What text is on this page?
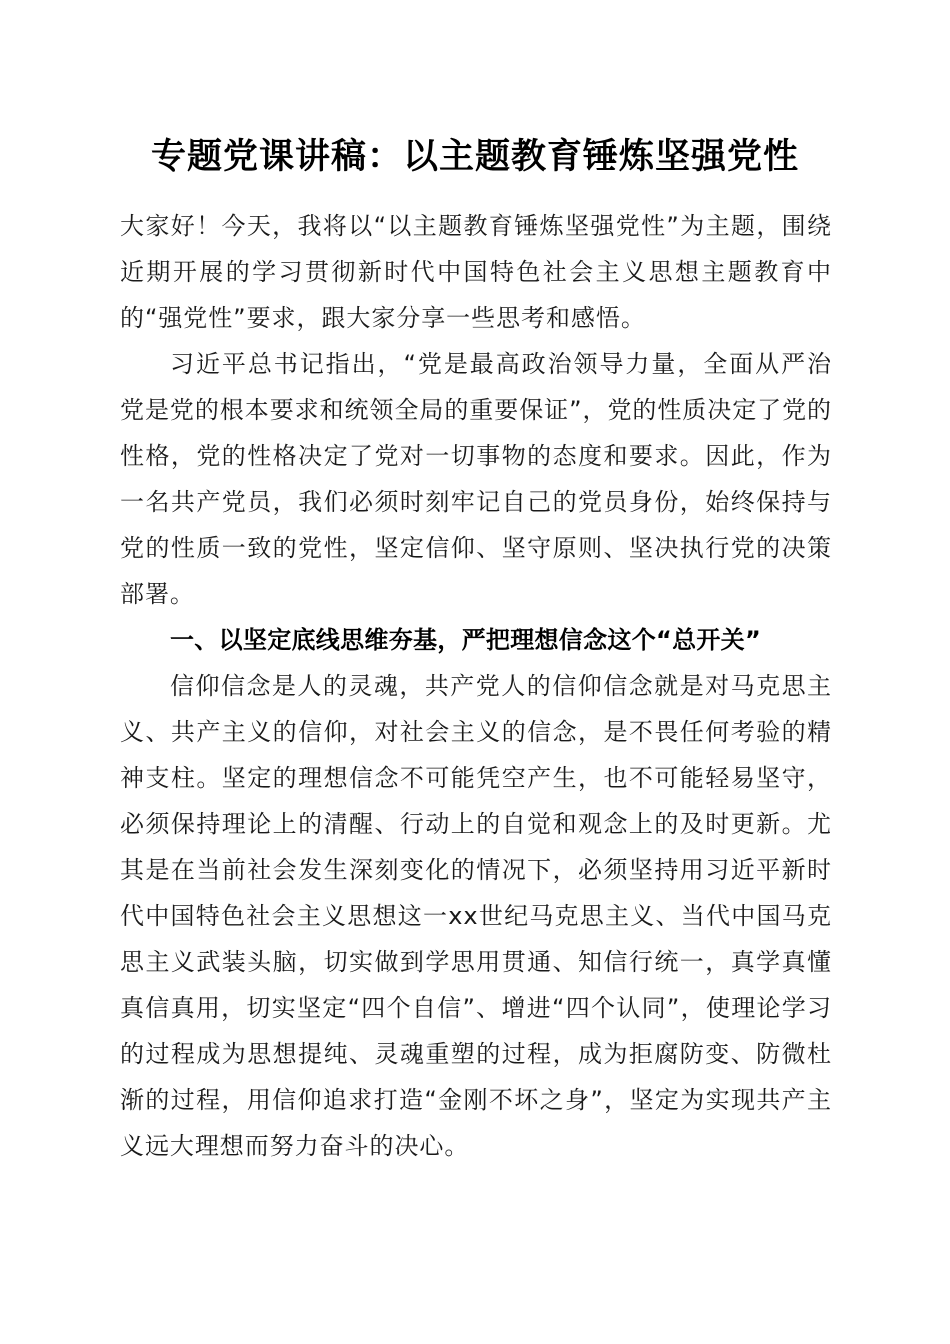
专题党课讲稿：以主题教育锤炼坚强党性

大家好！今天，我将以“以主题教育锤炼坚强党性”为主题，围绕近期开展的学习贯彻新时代中国特色社会主义思想主题教育中的“强党性”要求，跟大家分享一些思考和感悟。

习近平总书记指出，“党是最高政治领导力量，全面从严治党是党的根本要求和统领全局的重要保证”，党的性质决定了党的性格，党的性格决定了党对一切事物的态度和要求。因此，作为一名共产党员，我们必须时刻牢记自己的党员身份，始终保持与党的性质一致的党性，坚定信仰、坚守原则、坚决执行党的决策部署。

一、以坚定底线思维夯基，严把理想信念这个“总开关”

信仰信念是人的灵魂，共产党人的信仰信念就是对马克思主义、共产主义的信仰，对社会主义的信念，是不畏任何考验的精神支柱。坚定的理想信念不可能凭空产生，也不可能轻易坚守，必须保持理论上的清醒、行动上的自觉和观念上的及时更新。尤其是在当前社会发生深刻变化的情况下，必须坚持用习近平新时代中国特色社会主义思想这一xx世纪马克思主义、当代中国马克思主义武装头脑，切实做到学思用贯通、知信行统一，真学真懂真信真用，切实坚定“四个自信”、增进“四个认同”，使理论学习的过程成为思想提纯、灵魂重塑的过程，成为拒腐防变、防微杜渐的过程，用信仰追求打造“金刚不坏之身”，坚定为实现共产主义远大理想而努力奋斗的决心。
